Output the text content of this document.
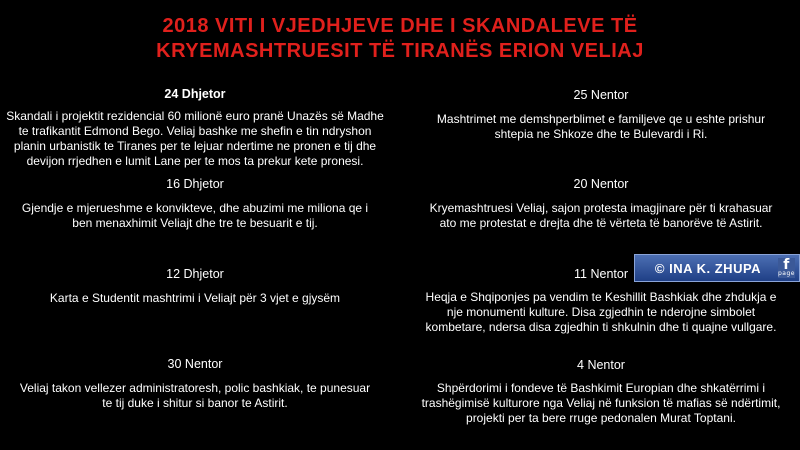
2018 VITI I VJEDHJEVE DHE I SKANDALEVE TË
KRYEMASHTRUESIT TË TIRANËS ERION VELIAJ
24 Dhjetor
Skandali i projektit rezidencial 60 milionë euro pranë Unazës së Madhe
te trafikantit Edmond Bego. Veliaj bashke me shefin e tin ndryshon
planin urbanistik te Tiranes per te lejuar ndertime ne pronen e tij dhe
devijon rrjedhen e lumit Lane per te mos ta prekur kete pronesi.
16 Dhjetor
Gjendje e mjerueshme e konvikteve, dhe abuzimi me miliona qe i
ben menaxhimit Veliajt dhe tre te besuarit e tij.
12 Dhjetor
Karta e Studentit mashtrimi i Veliajt për 3 vjet e gjysëm
30 Nentor
Veliaj takon vellezer administratoresh, polic bashkiak, te punesuar
te tij duke i shitur si banor te Astirit.
25 Nentor
Mashtrimet me demshperblimet e familjeve qe u eshte prishur
shtepia ne Shkoze dhe te Bulevardi i Ri.
20 Nentor
Kryemashtruesi Veliaj, sajon protesta imagjinare për ti krahasuar
ato me protestat e drejta dhe të vërteta të banorëve të Astirit.
11 Nentor
Heqja e Shqiponjes pa vendim te Keshillit Bashkiak dhe zhdukja e
nje monumenti kulture. Disa zgjedhin te nderojne simbolet
kombetare, ndersa disa zgjedhin ti shkulnin dhe ti quajne vullgare.
4 Nentor
Shpërdorimi i fondeve të Bashkimit Europian dhe shkatërrimi i
trashëgimisë kulturore nga Veliaj në funksion të mafias së ndërtimit,
projekti per ta bere rruge pedonalen Murat Toptani.
© INA K. ZHUPA	f
page
